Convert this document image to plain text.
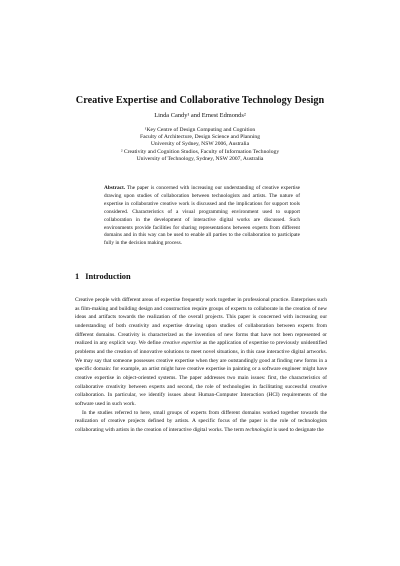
Creative Expertise and Collaborative Technology Design
Linda Candy¹ and Ernest Edmonds²
¹Key Centre of Design Computing and Cognition
Faculty of Architecture, Design Science and Planning
University of Sydney, NSW 2006, Australia
² Creativity and Cognition Studios, Faculty of Information Technology
University of Technology, Sydney, NSW 2007, Australia
Abstract. The paper is concerned with increasing our understanding of creative expertise drawing upon studies of collaboration between technologists and artists. The nature of expertise in collaborative creative work is discussed and the implications for support tools considered. Characteristics of a visual programming environment used to support collaboration in the development of interactive digital works are discussed. Such environments provide facilities for sharing representations between experts from different domains and in this way can be used to enable all parties to the collaboration to participate fully in the decision making process.
1 Introduction

Creative people with different areas of expertise frequently work together in professional practice. Enterprises such as film-making and building design and construction require groups of experts to collaborate in the creation of new ideas and artifacts towards the realization of the overall projects. This paper is concerned with increasing our understanding of both creativity and expertise drawing upon studies of collaboration between experts from different domains. Creativity is characterized as the invention of new forms that have not been represented or realized in any explicit way. We define creative expertise as the application of expertise to previously unidentified problems and the creation of innovative solutions to meet novel situations, in this case interactive digital artworks. We may say that someone possesses creative expertise when they are outstandingly good at finding new forms in a specific domain: for example, an artist might have creative expertise in painting or a software engineer might have creative expertise in object-oriented systems. The paper addresses two main issues: first, the characteristics of collaborative creativity between experts and second, the role of technologies in facilitating successful creative collaboration. In particular, we identify issues about Human-Computer Interaction (HCI) requirements of the software used in such work.

In the studies referred to here, small groups of experts from different domains worked together towards the realization of creative projects defined by artists. A specific focus of the paper is the role of technologists collaborating with artists in the creation of interactive digital works. The term technologist is used to designate the
